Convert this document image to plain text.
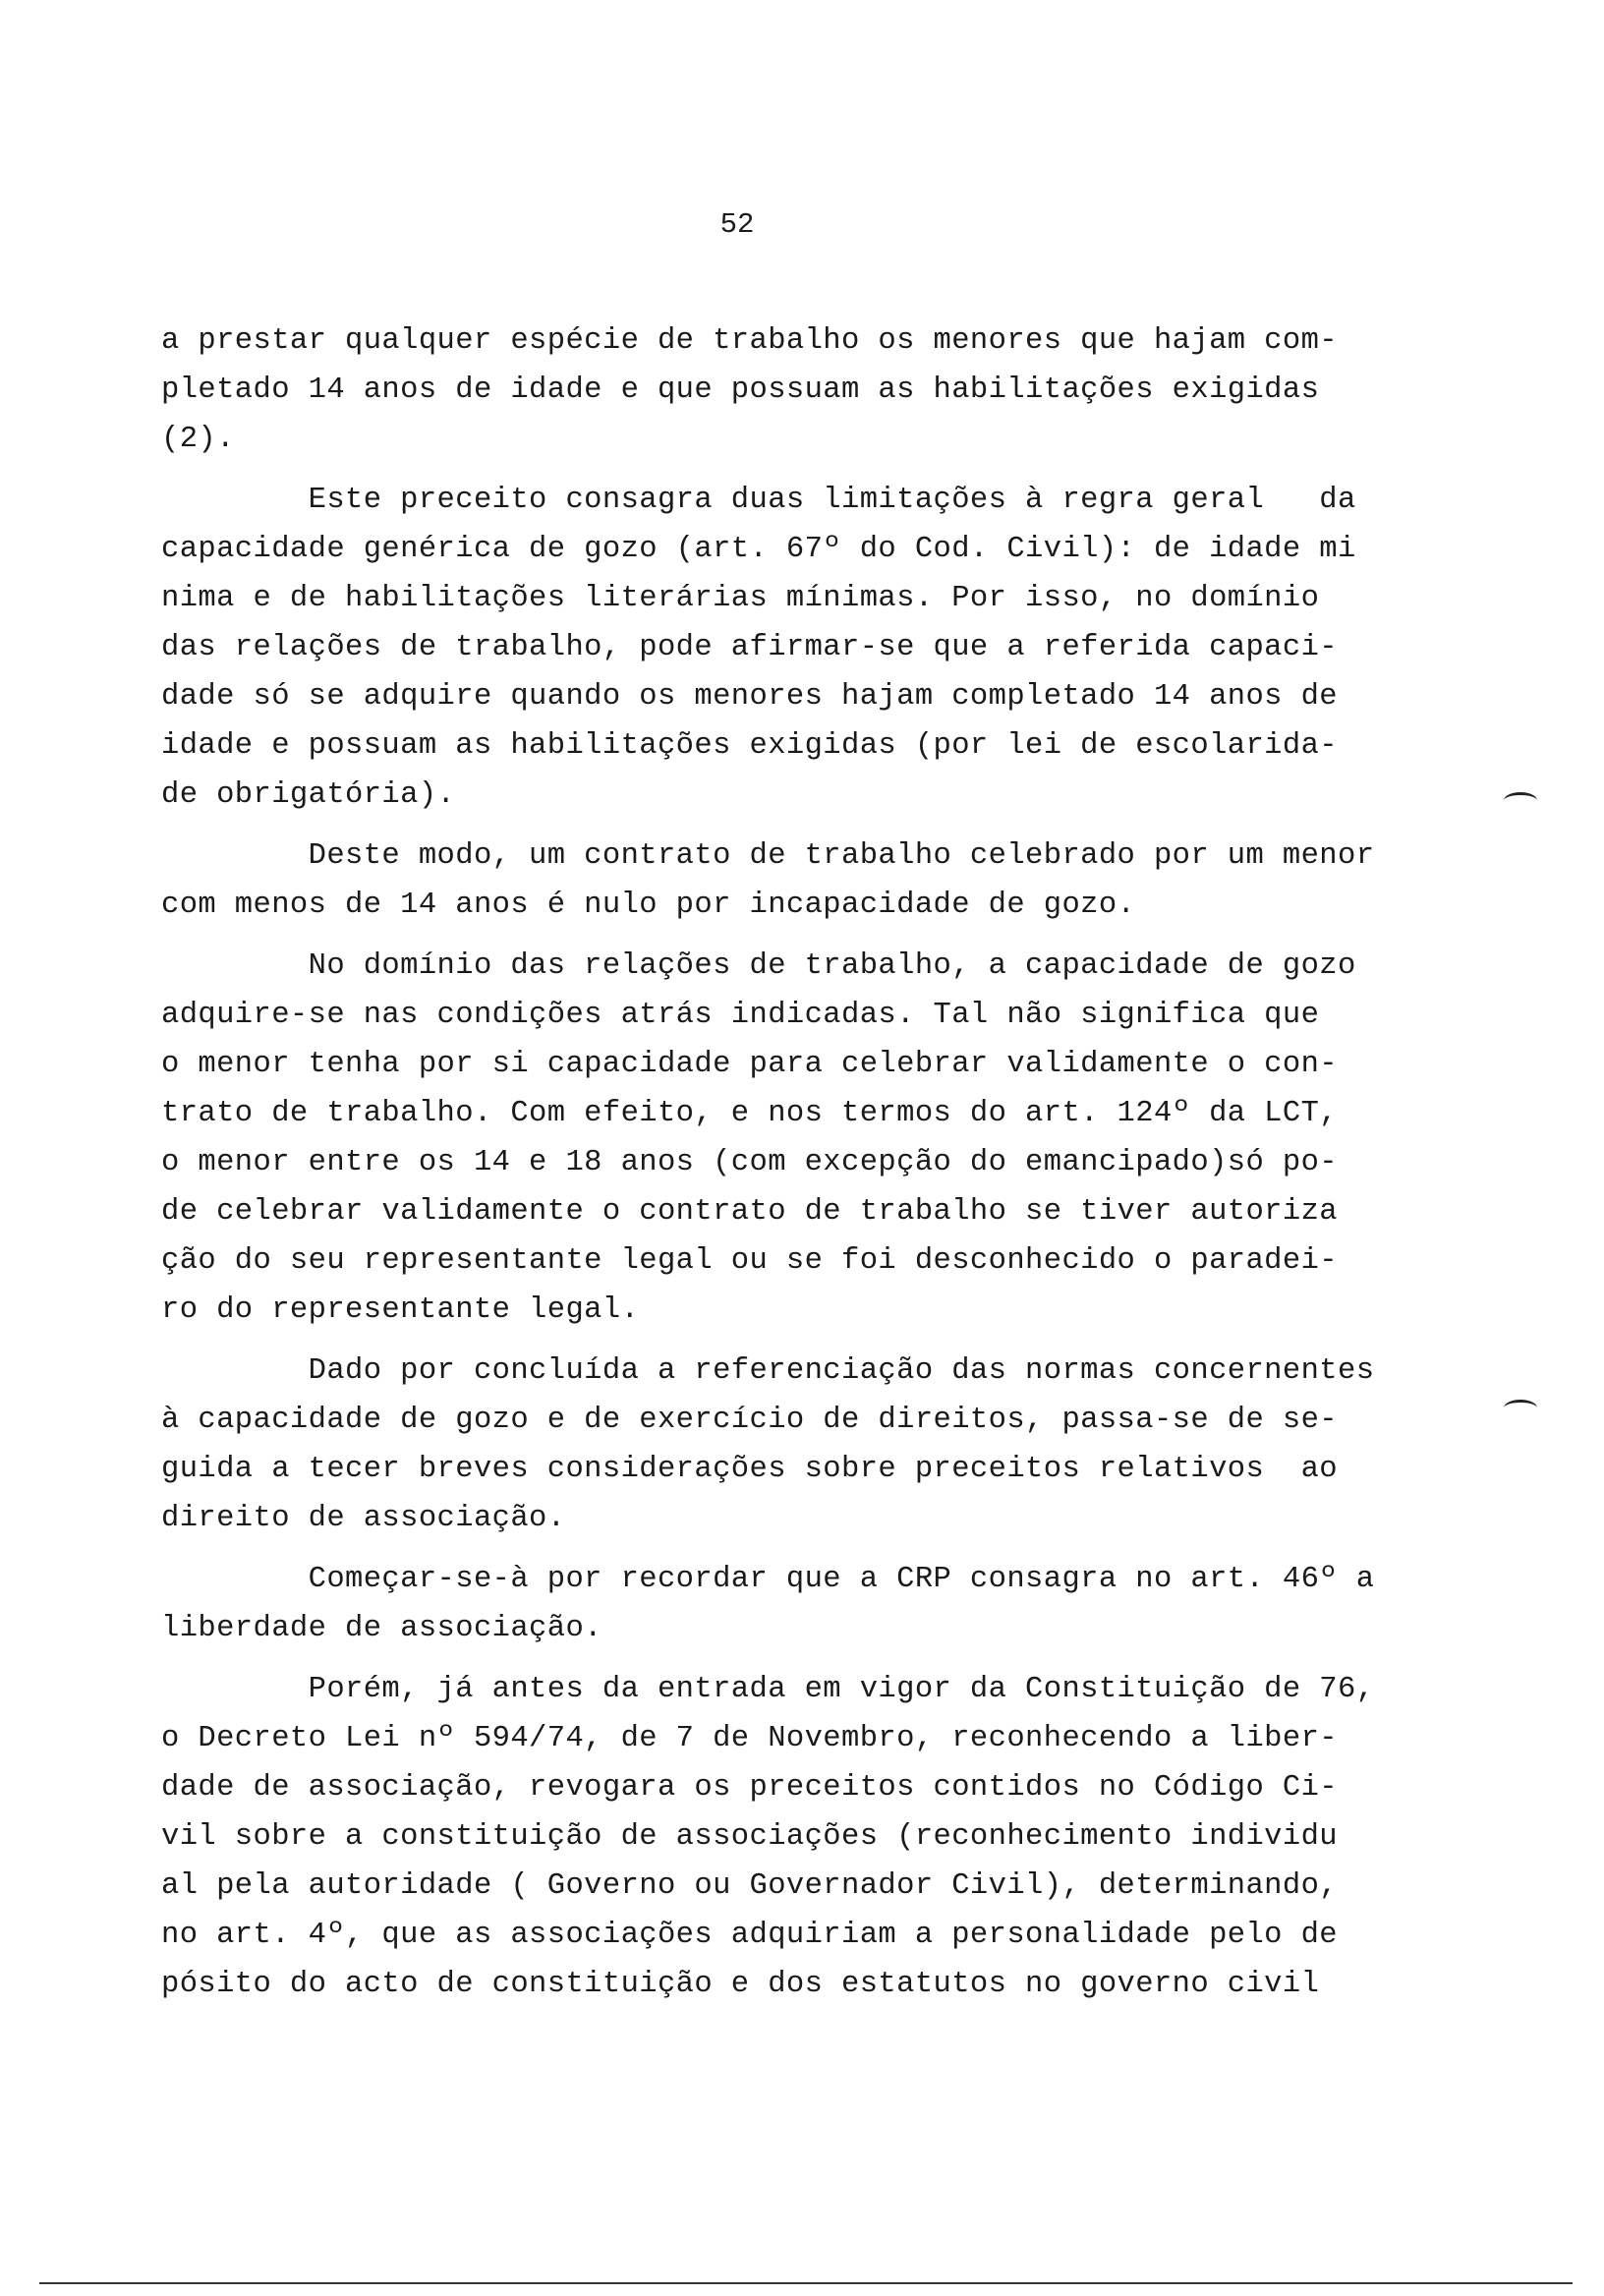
52

a prestar qualquer espécie de trabalho os menores que hajam com-
pletado 14 anos de idade e que possuam as habilitações exigidas
(2).

Este preceito consagra duas limitações à regra geral   da
capacidade genérica de gozo (art. 67º do Cod. Civil): de idade mi
nima e de habilitações literárias mínimas. Por isso, no domínio
das relações de trabalho, pode afirmar-se que a referida capaci-
dade só se adquire quando os menores hajam completado 14 anos de
idade e possuam as habilitações exigidas (por lei de escolarida-
de obrigatória).

Deste modo, um contrato de trabalho celebrado por um menor
com menos de 14 anos é nulo por incapacidade de gozo.

No domínio das relações de trabalho, a capacidade de gozo
adquire-se nas condições atrás indicadas. Tal não significa que
o menor tenha por si capacidade para celebrar validamente o con-
trato de trabalho. Com efeito, e nos termos do art. 124º da LCT,
o menor entre os 14 e 18 anos (com excepção do emancipado)só po-
de celebrar validamente o contrato de trabalho se tiver autoriza
ção do seu representante legal ou se foi desconhecido o paradei-
ro do representante legal.

Dado por concluída a referenciação das normas concernentes
à capacidade de gozo e de exercício de direitos, passa-se de se-
guida a tecer breves considerações sobre preceitos relativos  ao
direito de associação.

Começar-se-à por recordar que a CRP consagra no art. 46º a
liberdade de associação.

Porém, já antes da entrada em vigor da Constituição de 76,
o Decreto Lei nº 594/74, de 7 de Novembro, reconhecendo a liber-
dade de associação, revogara os preceitos contidos no Código Ci-
vil sobre a constituição de associações (reconhecimento individu
al pela autoridade ( Governo ou Governador Civil), determinando,
no art. 4º, que as associações adquiriam a personalidade pelo de
pósito do acto de constituição e dos estatutos no governo civil
